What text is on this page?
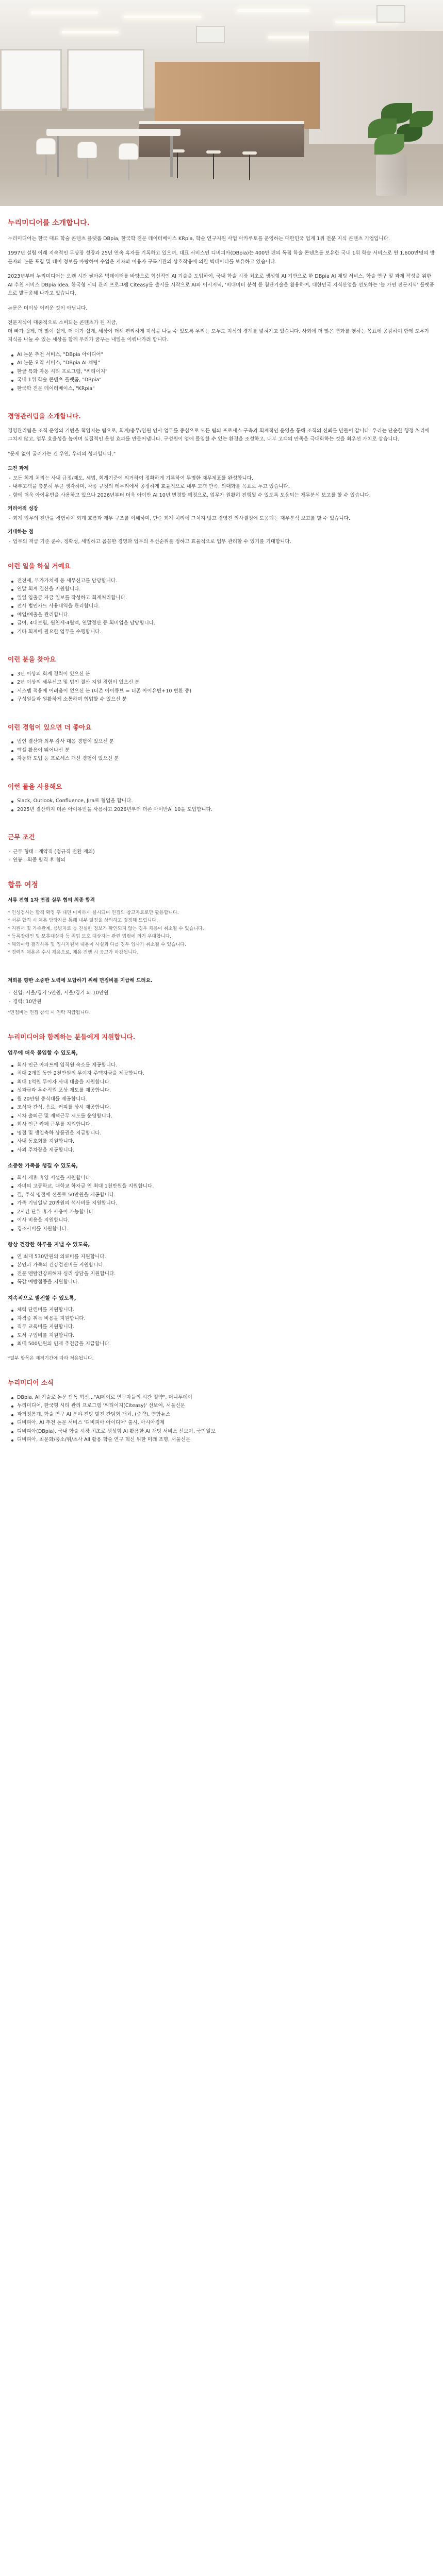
누리미디어를 소개합니다.

누리미디어는 한국 대표 학술 콘텐츠 플랫폼 DBpia, 한국학 전문 데이터베이스 KRpia, 학술 연구지원 사업 아카루토를 운영하는 대한민국 업계 1위 전문 지식 콘텐츠 기업입니다.

1997년 설립 이래 지속적인 무상장 성장과 25년 연속 흑자를 기록하고 있으며, 대표 서비스인 디비피아(DBpia)는 400만 편의 독점 학술 콘텐츠를 보유한 국내 1위 학술 서비스로 연 1,600만명의 방문자와 논문 포함 및 데이 정보를 바탕하여 수업은 저자와 이용자 구독기관의 상호작용에 의한 빅데이터를 보유하고 있습니다.

2023년부터 누리미디어는 오랜 시간 쌓아온 빅데이터를 바탕으로 혁신적인 AI 기술을 도입하여, 국내 학술 시장 최초로 생성형 AI 기반으로 한 DBpia AI 채팅 서비스, 학술 연구 및 과제 작성을 위한 AI 추천 서비스 DBpia idea, 한국형 시티 관리 프로그램 Citeasy를 출시를 시작으로 AI와 어시저녁, '비대미터 분석 등 첨단기술을 활용하여, 대한민국 지식산업을 선도하는 '늘 가면 전문지식' 플랫폼으로 발돋움해 나가고 있습니다.

논문은 더이상 어려운 것이 아닙니다.

전문지식이 대중적으로 소비되는 콘텐츠가 된 지금,
더 빠가 쉽게, 더 많이 쉽게, 더 이가 쉽게, 세상이 더해 편리하게 지식을 나눌 수 있도록 우리는 모두도 지식의 경계를 넓혀가고 있습니다. 사회에 더 많은 변화를 행하는 목표에 공감하여 함께 도우가 지식을 나눌 수 있는 세상을 함께 우리가 꿈꾸는 내일을 이뤄나가려 합니다.

AI 논문 추천 서비스, "DBpia 아이디어"
AI 논문 요약 서비스, "DBpia AI 채팅"
한글 특화 자동 시티 프로그램, "씨티이지"
국내 1위 학술 콘텐츠 플랫폼, "DBpia"
한국학 전문 데이터베이스, "KRpia"
경영관리팀을 소개합니다.

경영관리팀은 조직 운영의 기반을 책임지는 팀으로, 회계/총무/임원 인사 업무를 중심으로 모든 팀의 프로세스 구축과 회계적인 운영을 통해 조직의 신뢰를 만들어 갑니다. 우리는 단순한 행정 처리에 그치지 않고, 업무 효율성을 높이며 실질적인 운영 효과를 만들어냅니다. 구성원이 업에 몰입할 수 있는 환경을 조성하고, 내부 고객의 만족을 극대화하는 것을 최우선 가치로 삼습니다.

"문제 없이 굴러가는 건 우연, 우리의 성과입니다."

도전 과제
- 모든 회계 처리는 사내 규정/제도, 세법, 회계기준에 의거하여 정확하게 기록하여 투명한 재무제표를 완성합니다.
- 내부고객을 충분히 무균 생각하며, 각종 규정의 테두리에서 공정하게 효율적으로 내부 고객 만족, 의대화를 목표로 두고 있습니다.
- 향에 더욱 아이유빈을 사용하고 있으나 2026년부터 더욱 아이반 AI 10년 변경할 예정으로, 업무가 원활히 진행될 수 있도록 도움되는 재무분석 보고를 할 수 있습니다.
커리어적 성장
- 회계 업무의 전반을 경험하여 회계 흐름과 재무 구조를 이해하며, 단순 회계 처리에 그치지 않고 경영진 의사결정에 도움되는 재무분석 보고를 할 수 있습니다.
기대하는 점
- 업무의 저급 기준 준수, 정확성, 세밀하고 꼼꼼한 경영과 업무의 우선순위를 정하고 효율적으로 업무 관리할 수 있기를 기대합니다.
이런 일을 하실 거예요
전전세, 부가가치세 등 세무신고를 담당합니다.
연말 회계 결산을 지원합니다.
일일 입출금 자금 일보를 작성하고 회계처리합니다.
전사 법인카드 사용내역을 관리합니다.
예입/예출을 관리합니다.
급여, 4대보험, 원천세·4월액, 연말정산 등 회비업을 담당합니다.
기타 회계에 필요한 업무를 수행합니다.
이런 분을 찾아요
3년 이상의 회계 경력이 있으신 분
2년 이상의 세무신고 및 법인 결산 지원 경험이 있으신 분
시스템 적응에 어려움이 없으신 분 (더존 아이큐브 = 더존 아이유빈+10 변환 중)
구성원들과 원활하게 소통하며 협업할 수 있으신 분
이런 경험이 있으면 더 좋아요
법인 결산과 외부 감사 대응 경험이 있으신 분
엑셀 활용이 뛰어나신 분
자동화 도입 등 프로세스 개선 경험이 있으신 분
이런 툴을 사용해요
Slack, Outlook, Confluence, Jira로 협업을 합니다.
2025년 결산까지 더존 아이유빈을 사용하고 2026년부터 더존 아이반AI 10을 도입합니다.
근무 조건
- 근무 형태 : 계약직 (정규직 전환 제외)
- 연봉 : 회중 합격 후 협의
합류 여정
서류 전형 1차 면접 실무 협의 최종 합격
* 인성검사는 합격 확정 후 대면 미비하게 실시되며 면접의 참고자료로만 활용합니다.
* 서류 합격 시 채용 담당자를 통해 내부 일정을 상의하고 결정해 드립니다.
* 지원서 및 가족관계, 증빙자료 등 진실한 정보가 확인되지 않는 경우 채용이 취소될 수 있습니다.
* 등록장애인 및 보훈대상자 등 취업 보호 대상자는 관련 법령에 의거 우대합니다.
* 해외여행 결격사유 및 입사지원서 내용이 사실과 다를 경우 입사가 취소될 수 있습니다.
* 경력직 채용은 수시 채용으로, 채용 진행 시 공고가 마감됩니다.
저희를 향한 소중한 노력에 보답하기 위해 면접비를 지급해 드려요.
- 신입: 서울/경기 5만원, 서울/경기 외 10만원
- 경력: 10만원
*면접비는 면접 참석 시 연락 지급됩니다.
누리미디어와 함께하는 분들에게 지원합니다.
업무에 더욱 몰입할 수 있도록,
회사 인근 아파트에 임직원 숙소를 제공합니다.
최대 2개월 동안 2천만원의 무이자 주택자금을 제공합니다.
최대 1억원 무이자 사내 대출을 지원합니다.
성과급과 우수직원 포상 제도를 제공합니다.
월 20만원 중식대를 제공합니다.
조식과 간식, 음료, 커피를 상시 제공합니다.
시차 출퇴근 및 재택근무 제도를 운영합니다.
회사 인근 카페 근무를 지원합니다.
명절 및 생일축하 상품권을 지급합니다.
사내 동호회를 지원합니다.
사외 주차장을 제공합니다.
소중한 가족을 챙길 수 있도록,
회사 제휴 휴양 시설을 지원합니다.
자녀의 고등학교, 대학교 학자금 연 최대 1천만원을 지원합니다.
결, 주식 명절에 선물로 50만원을 제공합니다.
가족 기념일날 20만원의 석사비를 지원합니다.
2시간 단위 휴가 사용이 가능합니다.
이사 비용을 지원합니다.
경조사비를 지원합니다.
항상 건강한 하루를 지낼 수 있도록,
연 최대 530만원의 의료비를 지원합니다.
본인과 가족의 건강검진비를 지원합니다.
전문 멘탈건강피해자 심리 상담을 지원합니다.
독감 예방접종을 지원합니다.
지속적으로 발전할 수 있도록,
체력 단련비를 지원합니다.
자격증 취득 비용을 지원합니다.
직무 교육비를 지원합니다.
도서 구입비를 지원합니다.
최대 500만원의 인재 추천금을 지급합니다.
*일부 항목은 재직기간에 따라 적용됩니다.
누리미디어 소식
DBpia, AI 기술로 논문 탐독 혁신..."AI페이로 연구자들의 시간 절약", 머니투데이
누리미디어, 한국형 시티 관리 프로그램 '씨티이지(Citeasy)' 선보여, 서울신문
과거정통계, 학술 연구 AI 분야 전망 발전 간담회 개최, (중략), 연합뉴스
디비피아, AI 추천 논문 서비스 '디비피아 아이디어' 출시, 아시아경제
디비피아(DBpia), 국내 학술 시장 최초로 생성형 AI 활용한 AI 채팅 서비스 선보여, 국민일보
디비피아, 최문화/중소/위/츠사 All 활용 학술 연구 혁신 위한 미래 조명, 서울신문
